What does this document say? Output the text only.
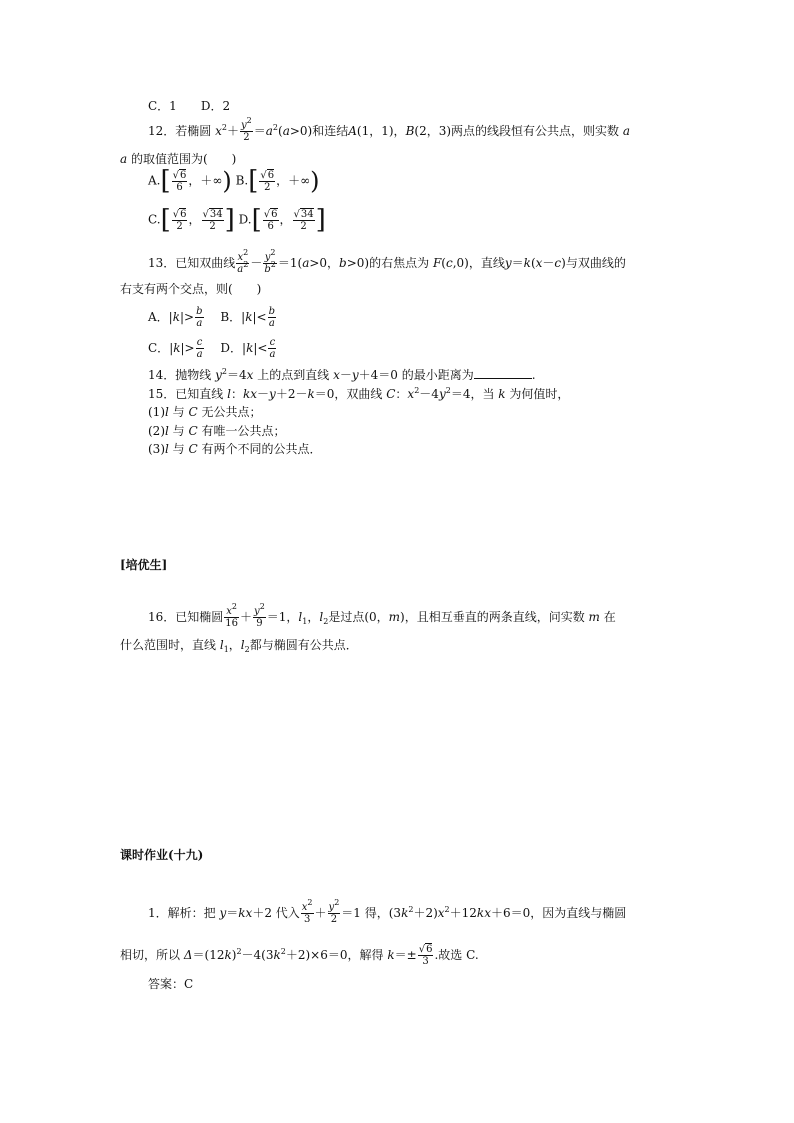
C．1　　D．2
12．若椭圆 $x^2+ \frac{y^2}{2} =a^2(a>0)$和连结A(1，1)，B(2，3)两点的线段恒有公共点，则实数 a
a 的取值范围为(　　)
$A.[ \frac{√6}{6}$ ，＋∞) $B.[ \frac{√6}{2}$ ，＋∞)
$C.[ \frac{√6}{2}$ ， $\frac{√34}{2}$ ] $D.[ \frac{√6}{6}$ ， $\frac{√34}{2}$ ]
13．已知双曲线 $\frac{x^2}{a^2} - \frac{y^2}{b^2} =1(a>0$，b>0)的右焦点为 F(c,0)，直线y＝k(x－c)与双曲线的
右支有两个交点，则(　　)
A．$|k|> \frac{b}{a}$
　 B．$|k|< \frac{b}{a}$
C．$|k|> \frac{c}{a}$
　 D．$|k|< \frac{c}{a}$
14．抛物线 $y^2=4x$ 上的点到直线 x－y＋4＝0 的最小距离为	.
15．已知直线 l：kx－y＋2－k＝0，双曲线 C：$x^2-4y^2=4$，当 k 为何值时，
(1)l 与 C 无公共点；
(2)l 与 C 有唯一公共点；
(3)l 与 C 有两个不同的公共点．
[培优生]
16．已知椭圆 $\frac{x^2}{16} + \frac{y^2}{9} =1$，$l_1$，$l_2$是过点(0，m)，且相互垂直的两条直线，问实数 m 在
什么范围时，直线 $l_1$，$l_2$都与椭圆有公共点．
课时作业(十九)
1．解析：把 y＝kx＋2 代入 $\frac{x^2}{3} + \frac{y^2}{2} =1$ 得，$(3k^2+2)x^2+12kx+6=0$，因为直线与椭圆
相切，所以 $\Delta=(12k)^2-4(3k^2+2)\times 6=0$，解得 $k=\pm \frac{√6}{3}$ .故选 C.
答案：C
